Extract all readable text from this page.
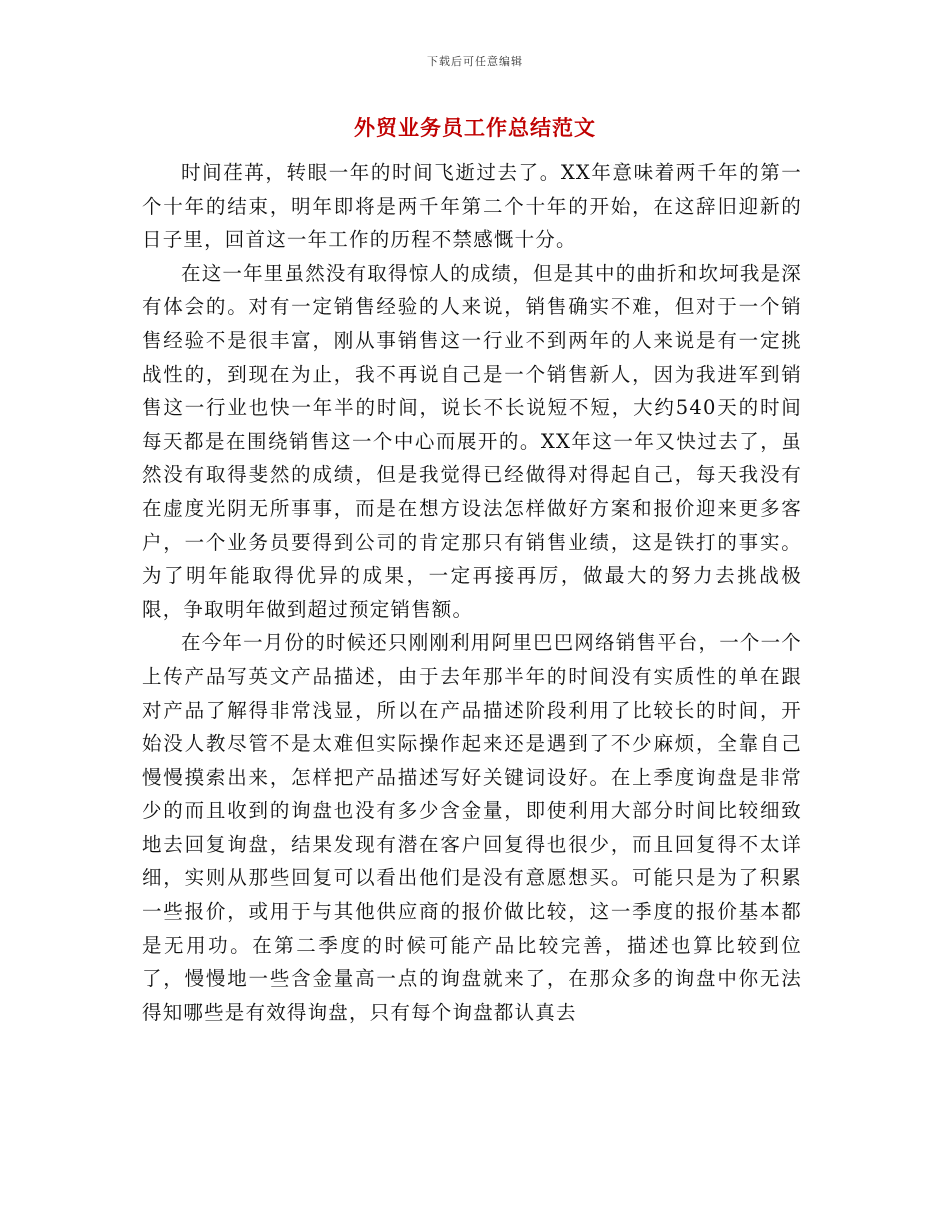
下载后可任意编辑
外贸业务员工作总结范文

时间荏苒，转眼一年的时间飞逝过去了。XX年意味着两千年的第一个十年的结束，明年即将是两千年第二个十年的开始，在这辞旧迎新的日子里，回首这一年工作的历程不禁感慨十分。

在这一年里虽然没有取得惊人的成绩，但是其中的曲折和坎坷我是深有体会的。对有一定销售经验的人来说，销售确实不难，但对于一个销售经验不是很丰富，刚从事销售这一行业不到两年的人来说是有一定挑战性的，到现在为止，我不再说自己是一个销售新人，因为我进军到销售这一行业也快一年半的时间，说长不长说短不短，大约540天的时间每天都是在围绕销售这一个中心而展开的。XX年这一年又快过去了，虽然没有取得斐然的成绩，但是我觉得已经做得对得起自己，每天我没有在虚度光阴无所事事，而是在想方设法怎样做好方案和报价迎来更多客户，一个业务员要得到公司的肯定那只有销售业绩，这是铁打的事实。为了明年能取得优异的成果，一定再接再厉，做最大的努力去挑战极限，争取明年做到超过预定销售额。

在今年一月份的时候还只刚刚利用阿里巴巴网络销售平台，一个一个上传产品写英文产品描述，由于去年那半年的时间没有实质性的单在跟对产品了解得非常浅显，所以在产品描述阶段利用了比较长的时间，开始没人教尽管不是太难但实际操作起来还是遇到了不少麻烦，全靠自己慢慢摸索出来，怎样把产品描述写好关键词设好。在上季度询盘是非常少的而且收到的询盘也没有多少含金量，即使利用大部分时间比较细致地去回复询盘，结果发现有潜在客户回复得也很少，而且回复得不太详细，实则从那些回复可以看出他们是没有意愿想买。可能只是为了积累一些报价，或用于与其他供应商的报价做比较，这一季度的报价基本都是无用功。在第二季度的时候可能产品比较完善，描述也算比较到位了，慢慢地一些含金量高一点的询盘就来了，在那众多的询盘中你无法得知哪些是有效得询盘，只有每个询盘都认真去
